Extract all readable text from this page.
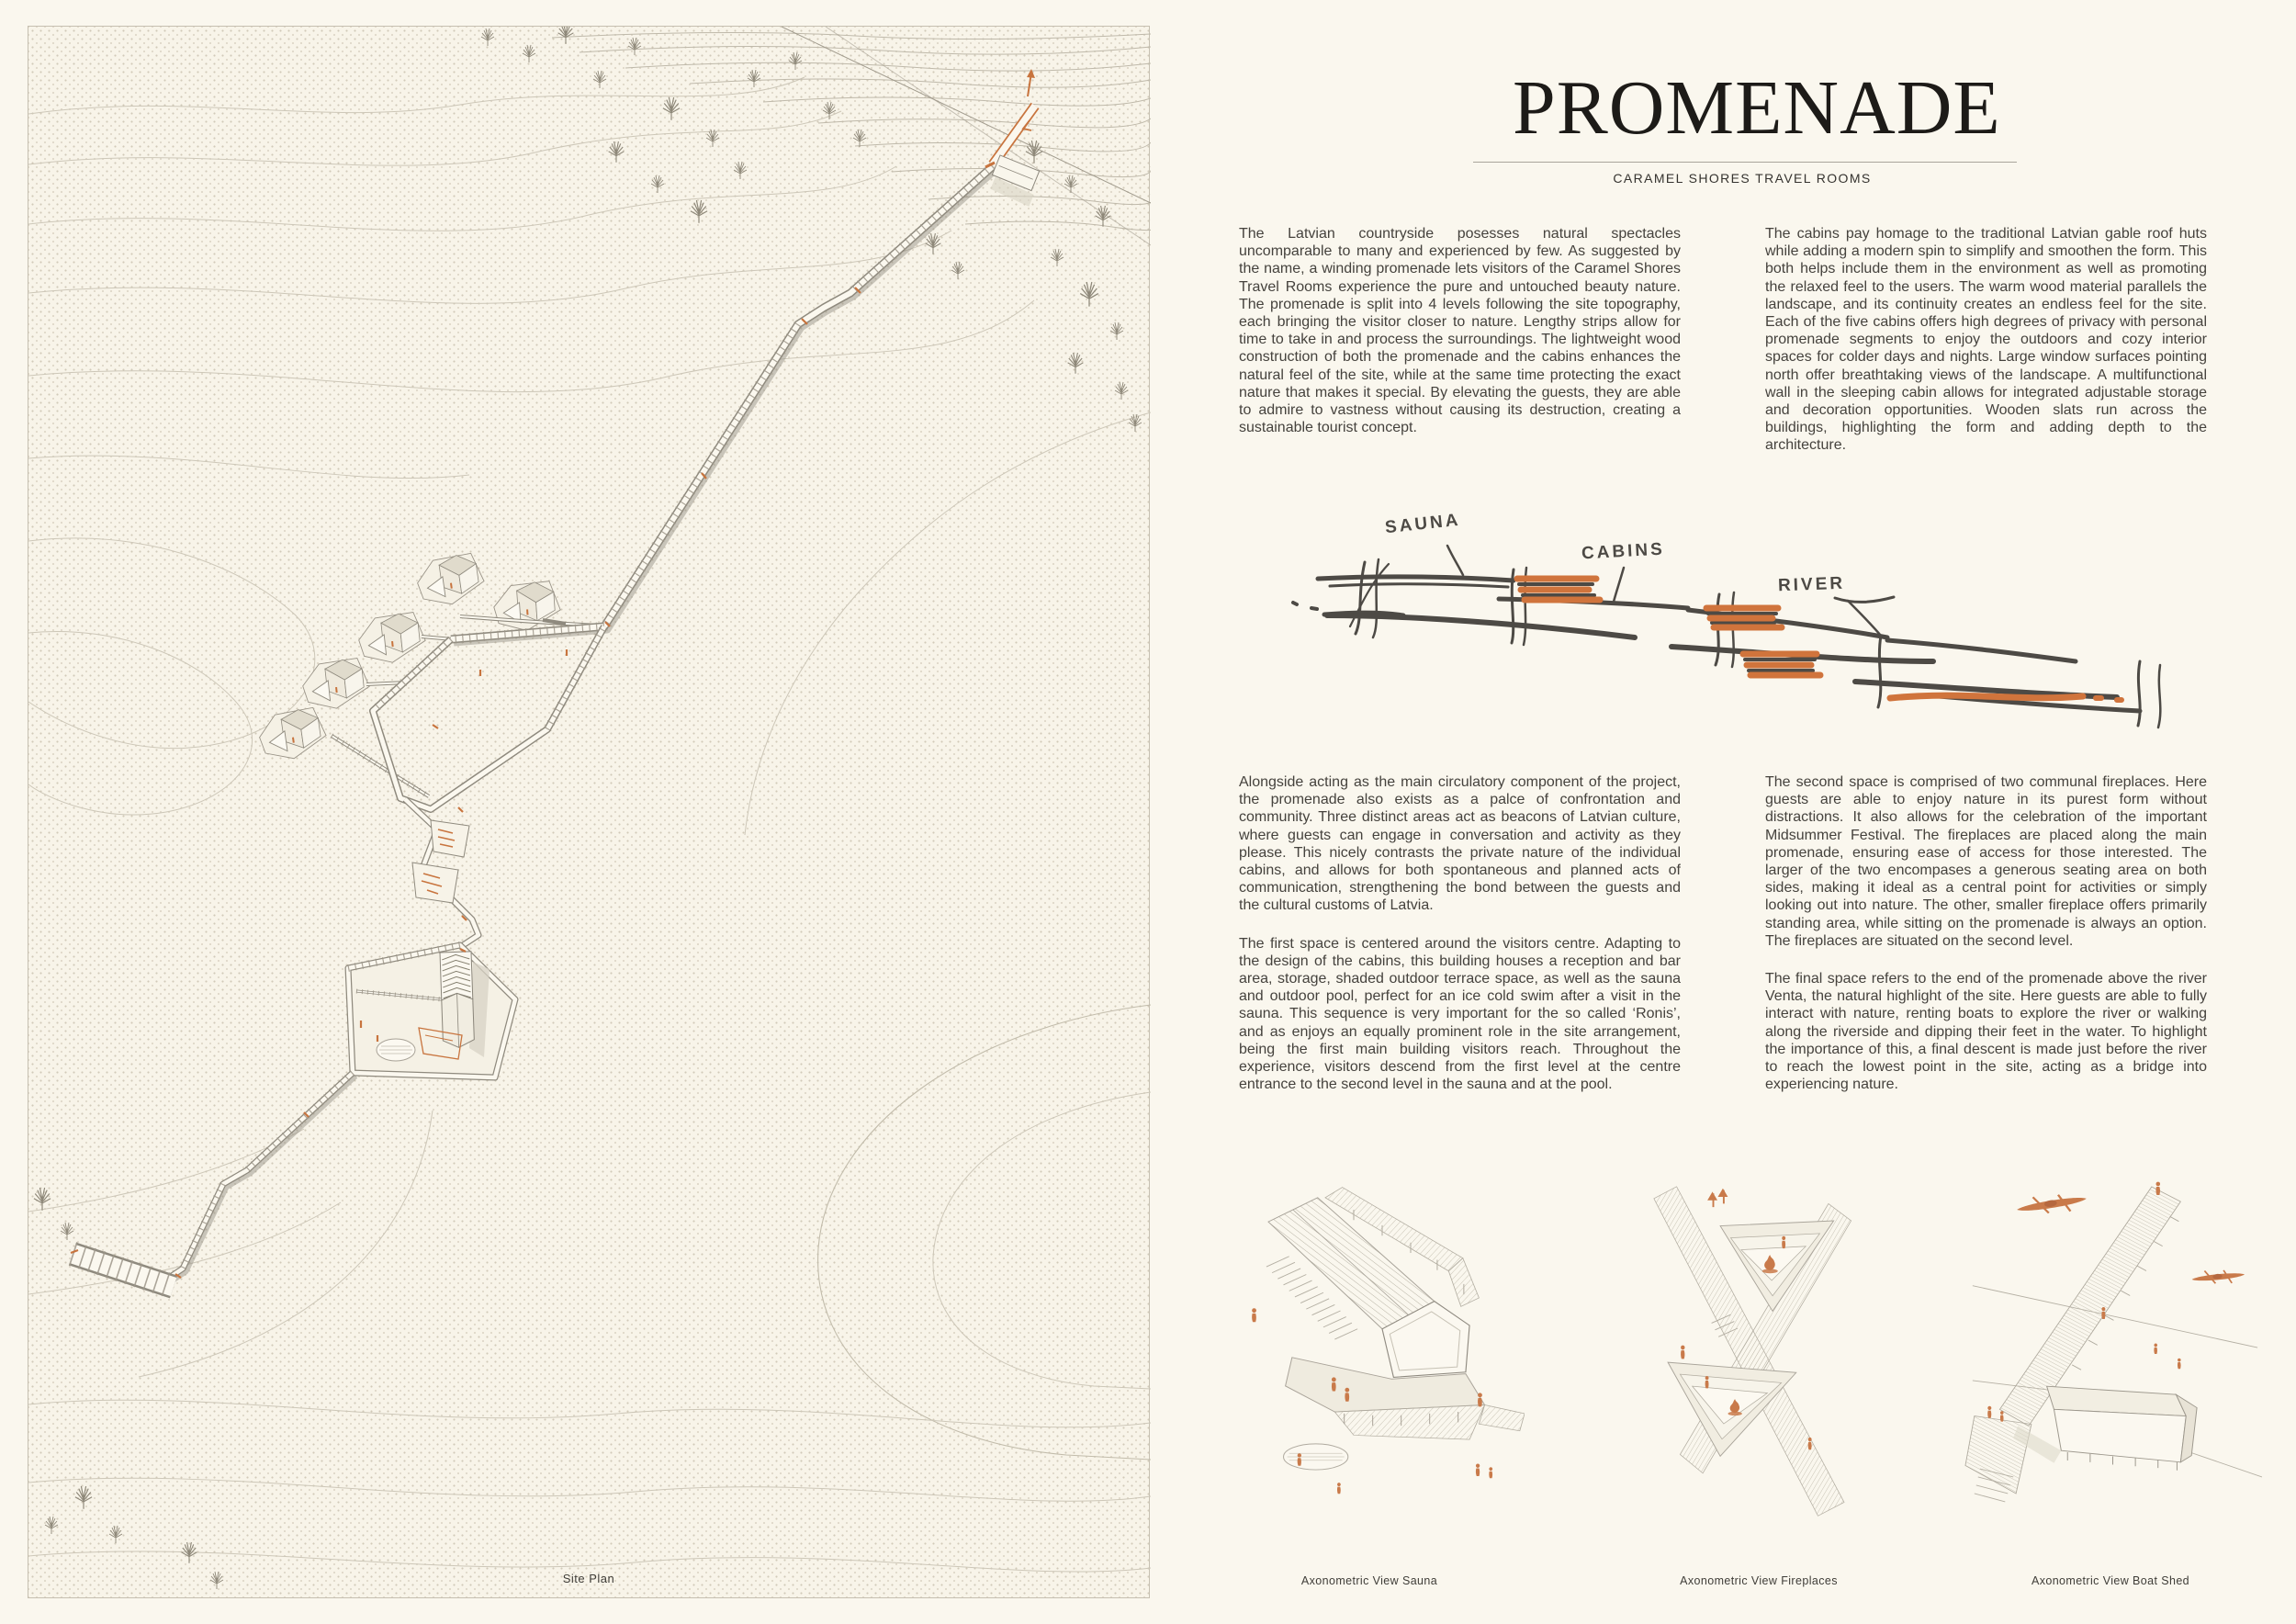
Site Plan
PROMENADE
CARAMEL SHORES TRAVEL ROOMS

The Latvian countryside posesses natural spectacles uncomparable to many and experienced by few. As suggested by the name, a winding promenade lets visitors of the Caramel Shores Travel Rooms experience the pure and untouched beauty nature. The promenade is split into 4 levels following the site topography, each bringing the visitor closer to nature. Lengthy strips allow for time to take in and process the surroundings. The lightweight wood construction of both the promenade and the cabins enhances the natural feel of the site, while at the same time protecting the exact nature that makes it special. By elevating the guests, they are able to admire to vastness without causing its destruction, creating a sustainable tourist concept.

The cabins pay homage to the traditional Latvian gable roof huts while adding a modern spin to simplify and smoothen the form. This both helps include them in the environment as well as promoting the relaxed feel to the users. The warm wood material parallels the landscape, and its continuity creates an endless feel for the site. Each of the five cabins offers high degrees of privacy with personal promenade segments to enjoy the outdoors and cozy interior spaces for colder days and nights. Large window surfaces pointing north offer breathtaking views of the landscape. A multifunctional wall in the sleeping cabin allows for integrated adjustable storage and decoration opportunities. Wooden slats run across the buildings, highlighting the form and adding depth to the architecture.

SAUNA
CABINS
RIVER

Alongside acting as the main circulatory component of the project, the promenade also exists as a palce of confrontation and community. Three distinct areas act as beacons of Latvian culture, where guests can engage in conversation and activity as they please. This nicely contrasts the private nature of the individual cabins, and allows for both spontaneous and planned acts of communication, strengthening the bond between the guests and the cultural customs of Latvia.

The first space is centered around the visitors centre. Adapting to the design of the cabins, this building houses a reception and bar area, storage, shaded outdoor terrace space, as well as the sauna and outdoor pool, perfect for an ice cold swim after a visit in the sauna. This sequence is very important for the so called ‘Ronis’, and as enjoys an equally prominent role in the site arrangement, being the first main building visitors reach. Throughout the experience, visitors descend from the first level at the centre entrance to the second level in the sauna and at the pool.

The second space is comprised of two communal fireplaces. Here guests are able to enjoy nature in its purest form without distractions. It also allows for the celebration of the important Midsummer Festival. The fireplaces are placed along the main promenade, ensuring ease of access for those interested. The larger of the two encompases a generous seating area on both sides, making it ideal as a central point for activities or simply looking out into nature. The other, smaller fireplace offers primarily standing area, while sitting on the promenade is always an option. The fireplaces are situated on the second level.

The final space refers to the end of the promenade above the river Venta, the natural highlight of the site. Here guests are able to fully interact with nature, renting boats to explore the river or walking along the riverside and dipping their feet in the water. To highlight the importance of this, a final descent is made just before the river to reach the lowest point in the site, acting as a bridge into experiencing nature.

Axonometric View Sauna	Axonometric View Fireplaces	Axonometric View Boat Shed
